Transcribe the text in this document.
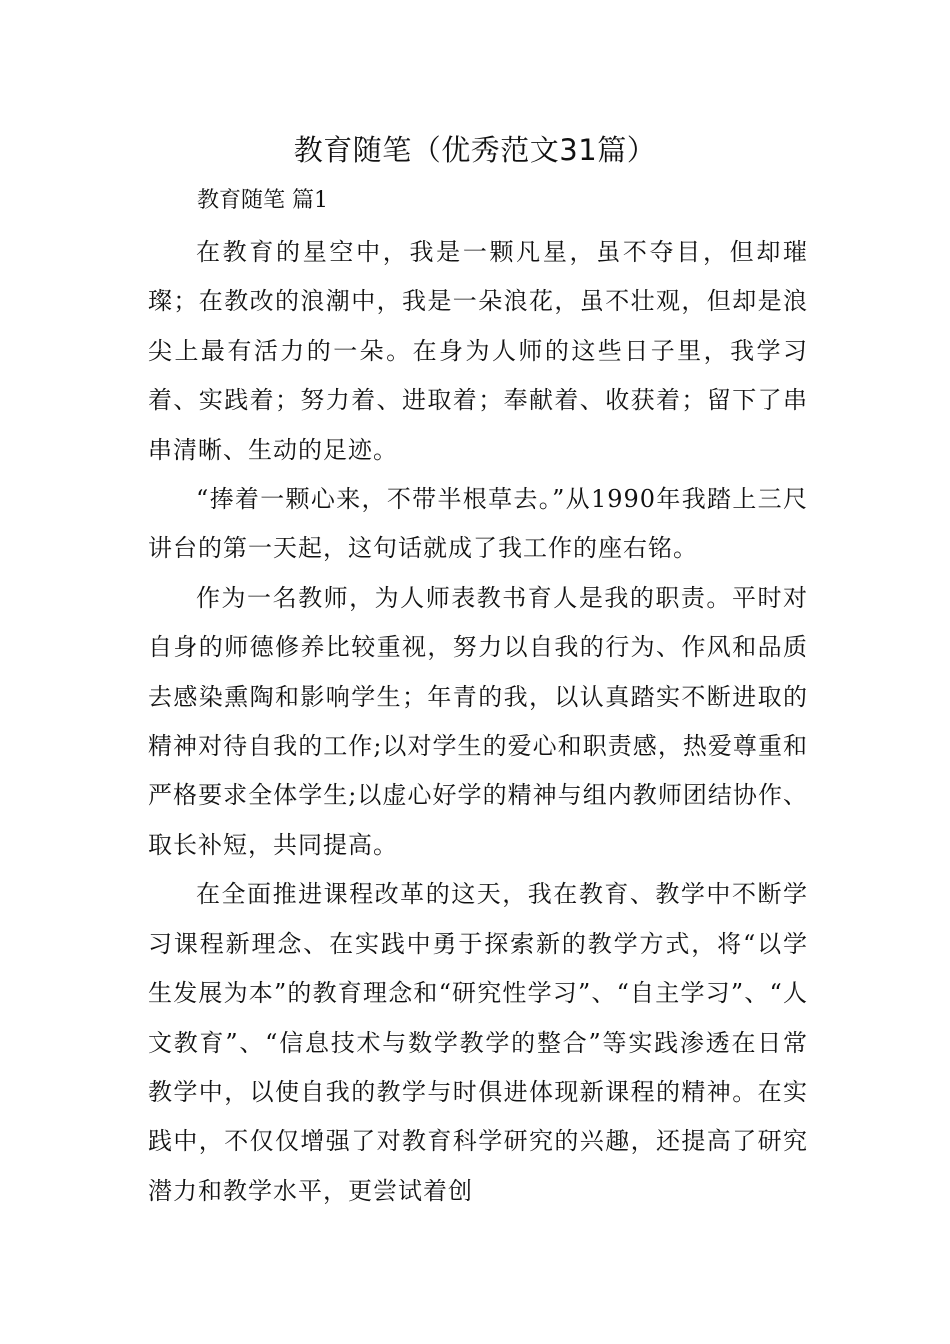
教育随笔（优秀范文31篇）
教育随笔 篇1

在教育的星空中，我是一颗凡星，虽不夺目，但却璀璨；在教改的浪潮中，我是一朵浪花，虽不壮观，但却是浪尖上最有活力的一朵。在身为人师的这些日子里，我学习着、实践着；努力着、进取着；奉献着、收获着；留下了串串清晰、生动的足迹。

“捧着一颗心来，不带半根草去。”从1990年我踏上三尺讲台的第一天起，这句话就成了我工作的座右铭。

作为一名教师，为人师表教书育人是我的职责。平时对自身的师德修养比较重视，努力以自我的行为、作风和品质去感染熏陶和影响学生；年青的我，以认真踏实不断进取的精神对待自我的工作;以对学生的爱心和职责感，热爱尊重和严格要求全体学生;以虚心好学的精神与组内教师团结协作、取长补短，共同提高。

在全面推进课程改革的这天，我在教育、教学中不断学习课程新理念、在实践中勇于探索新的教学方式，将“以学生发展为本”的教育理念和“研究性学习”、“自主学习”、“人文教育”、“信息技术与数学教学的整合”等实践渗透在日常教学中，以使自我的教学与时俱进体现新课程的精神。在实践中，不仅仅增强了对教育科学研究的兴趣，还提高了研究潜力和教学水平，更尝试着创
